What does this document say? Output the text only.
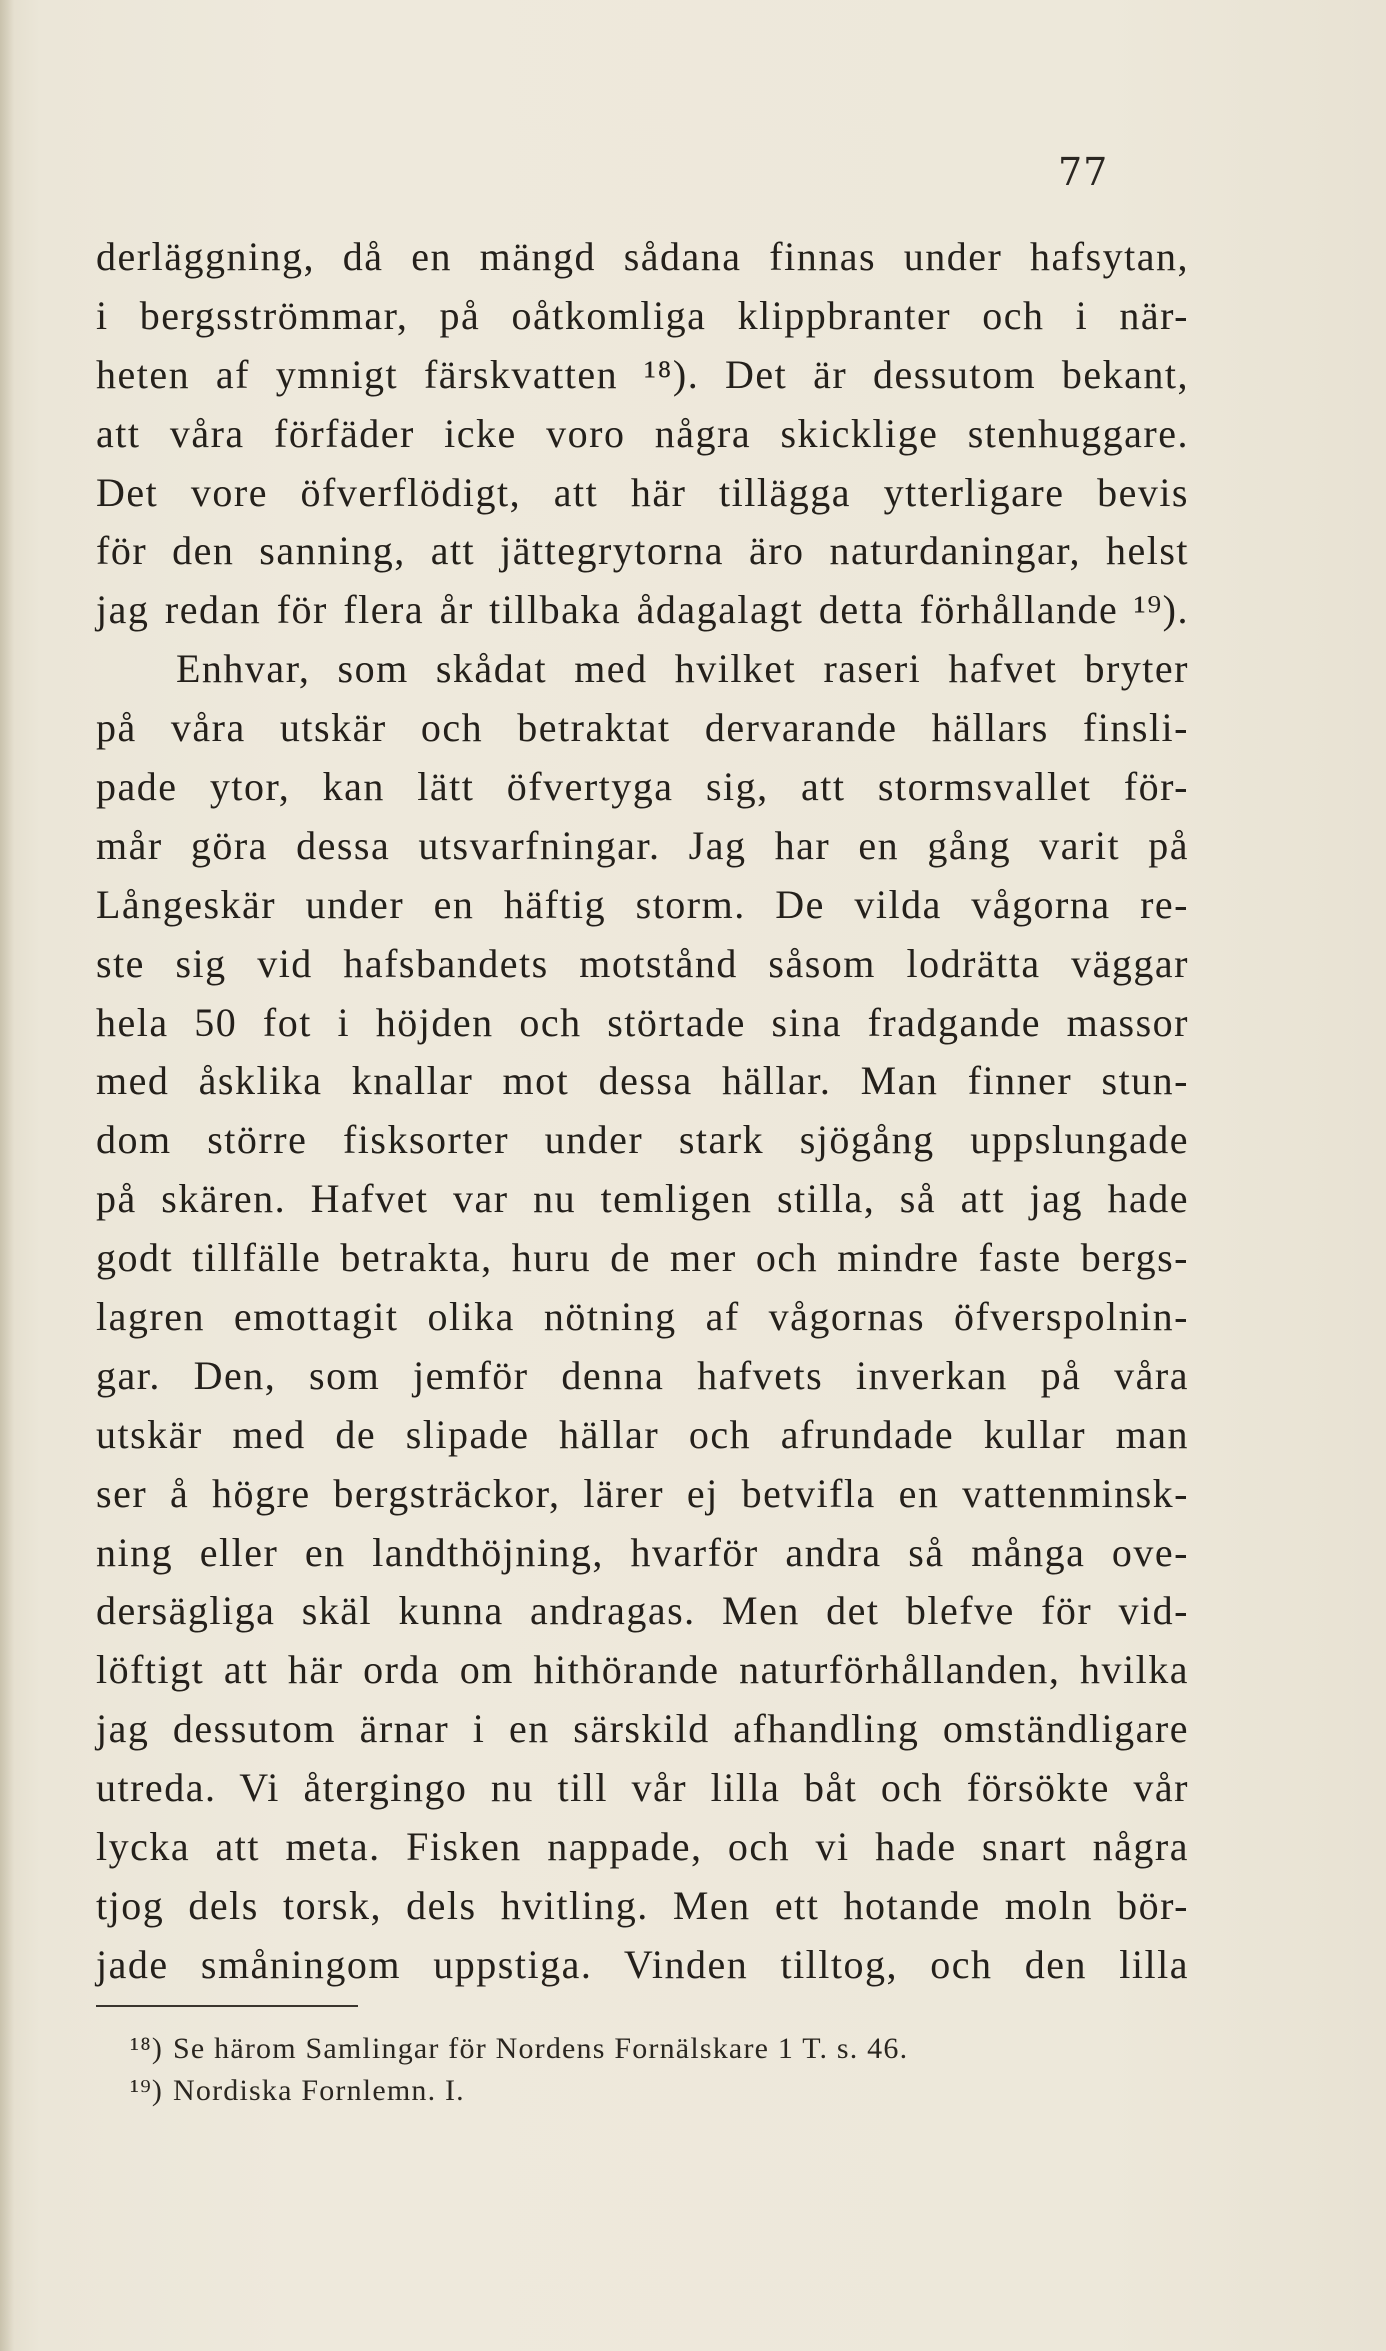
77
derläggning, då en mängd sådana finnas under hafsytan,
i bergsströmmar, på oåtkomliga klippbranter och i när-
heten af ymnigt färskvatten ¹⁸). Det är dessutom bekant,
att våra förfäder icke voro några skicklige stenhuggare.
Det vore öfverflödigt, att här tillägga ytterligare bevis
för den sanning, att jättegrytorna äro naturdaningar, helst
jag redan för flera år tillbaka ådagalagt detta förhållande ¹⁹).
Enhvar, som skådat med hvilket raseri hafvet bryter
på våra utskär och betraktat dervarande hällars finsli-
pade ytor, kan lätt öfvertyga sig, att stormsvallet för-
mår göra dessa utsvarfningar. Jag har en gång varit på
Långeskär under en häftig storm. De vilda vågorna re-
ste sig vid hafsbandets motstånd såsom lodrätta väggar
hela 50 fot i höjden och störtade sina fradgande massor
med åsklika knallar mot dessa hällar. Man finner stun-
dom större fisksorter under stark sjögång uppslungade
på skären. Hafvet var nu temligen stilla, så att jag hade
godt tillfälle betrakta, huru de mer och mindre faste bergs-
lagren emottagit olika nötning af vågornas öfverspolnin-
gar. Den, som jemför denna hafvets inverkan på våra
utskär med de slipade hällar och afrundade kullar man
ser å högre bergsträckor, lärer ej betvifla en vattenminsk-
ning eller en landthöjning, hvarför andra så många ove-
dersägliga skäl kunna andragas. Men det blefve för vid-
löftigt att här orda om hithörande naturförhållanden, hvilka
jag dessutom ärnar i en särskild afhandling omständligare
utreda. Vi återgingo nu till vår lilla båt och försökte vår
lycka att meta. Fisken nappade, och vi hade snart några
tjog dels torsk, dels hvitling. Men ett hotande moln bör-
jade småningom uppstiga. Vinden tilltog, och den lilla
¹⁸) Se härom Samlingar för Nordens Fornälskare 1 T. s. 46.
¹⁹) Nordiska Fornlemn. I.
